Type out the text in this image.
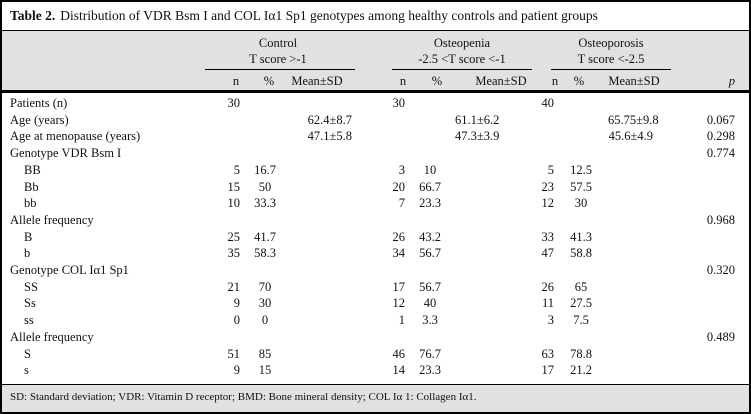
Table 2. Distribution of VDR Bsm I and COL Iα1 Sp1 genotypes among healthy controls and patient groups
Control
T score >-1
Osteopenia
-2.5 <T score <-1
Osteoporosis
T score <-2.5
n % Mean±SD	n %	Mean±SD n % Mean±SD	p
Patients (n)	30				30				40			
Age (years)			62.4±8.7				61.1±6.2				65.75±9.8	0.067
Age at menopause (years)			47.1±5.8				47.3±3.9				45.6±4.9	0.298
Genotype VDR Bsm I												0.774
BB	5	16.7			3	10			5	12.5		
Bb	15	50			20	66.7			23	57.5		
bb	10	33.3			7	23.3			12	30		
Allele frequency												0.968
B	25	41.7			26	43.2			33	41.3		
b	35	58.3			34	56.7			47	58.8		
Genotype COL Iα1 Sp1												0.320
SS	21	70			17	56.7			26	65		
Ss	9	30			12	40			11	27.5		
ss	0	0			1	3.3			3	7.5		
Allele frequency												0.489
S	51	85			46	76.7			63	78.8		
s	9	15			14	23.3			17	21.2		
SD: Standard deviation; VDR: Vitamin D receptor; BMD: Bone mineral density; COL Iα 1: Collagen Iα1.
